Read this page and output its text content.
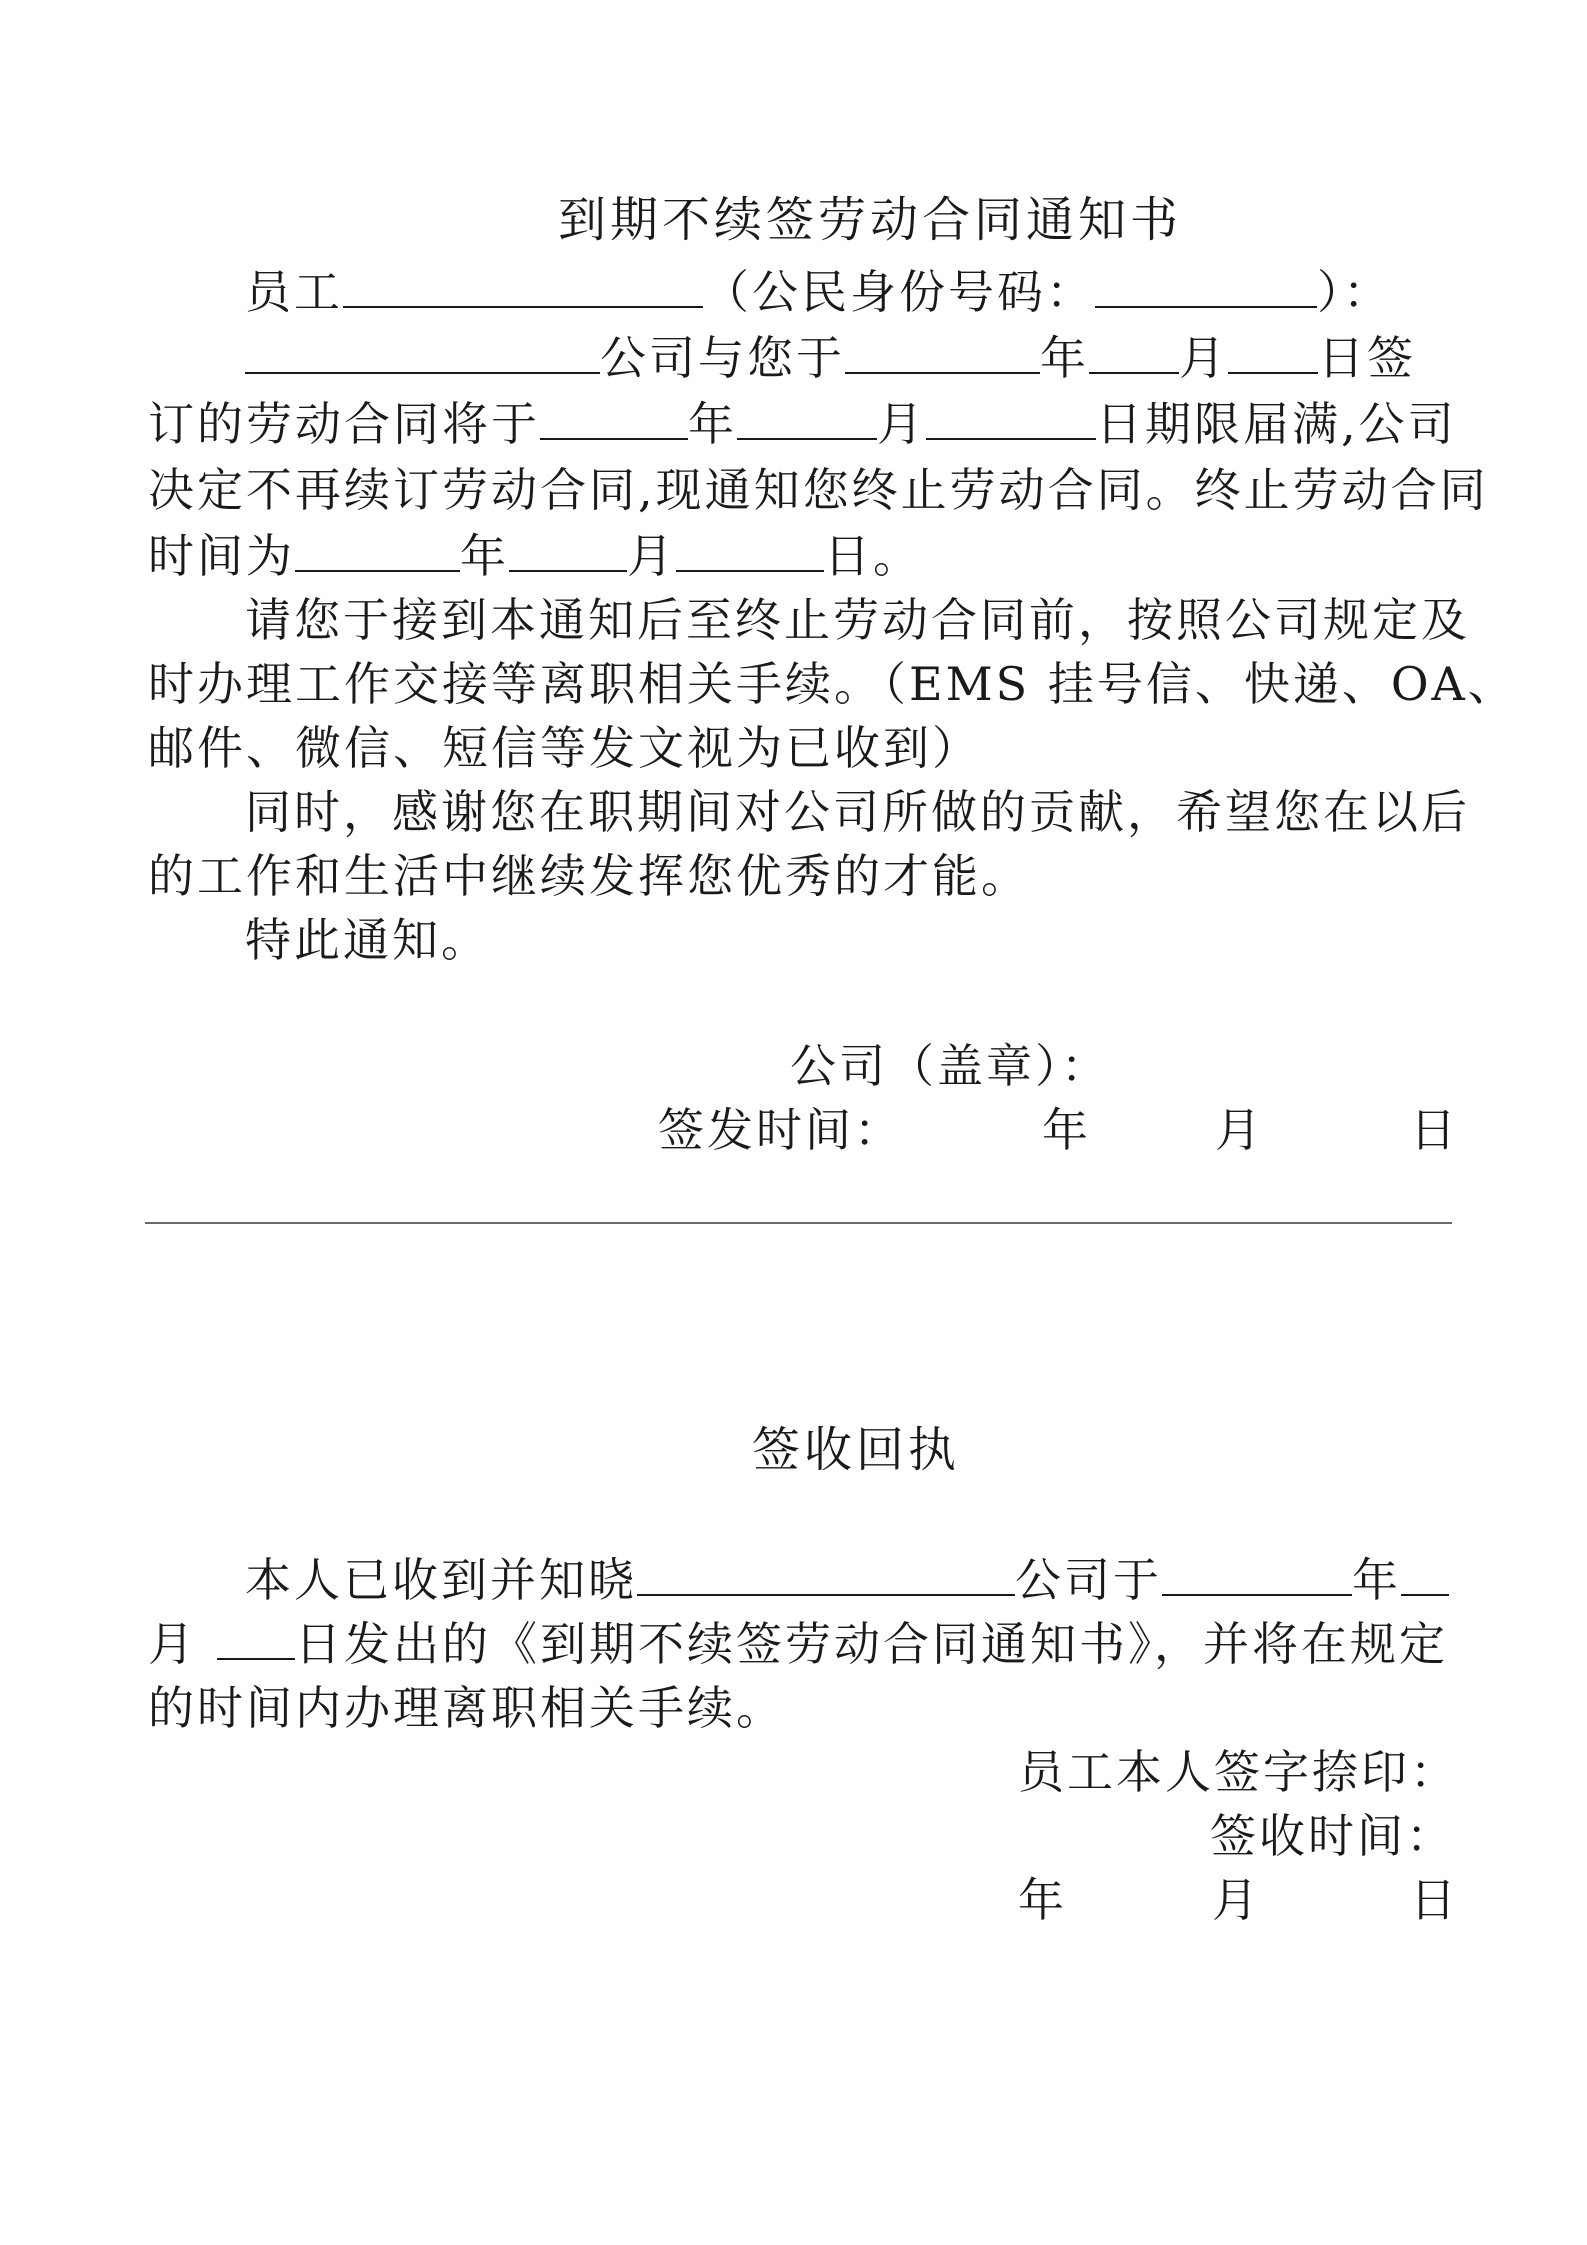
到期不续签劳动合同通知书
员工	（公民身份号码：	）：
公司与您于	年 月 日签
订的劳动合同将于	年	月	日期限届满,公司
决定不再续订劳动合同,现通知您终止劳动合同。终止劳动合同
时间为	年	月	日。
请您于接到本通知后至终止劳动合同前，按照公司规定及
时办理工作交接等离职相关手续。（EMS 挂号信、快递、OA、
邮件、微信、短信等发文视为已收到）
同时，感谢您在职期间对公司所做的贡献，希望您在以后
的工作和生活中继续发挥您优秀的才能。
特此通知。
公司（盖章）：
签发时间：	年	月	日
签收回执
本人已收到并知晓	公司于	年
月 日发出的《到期不续签劳动合同通知书》，并将在规定
的时间内办理离职相关手续。
员工本人签字捺印：
签收时间：
年	月	日
